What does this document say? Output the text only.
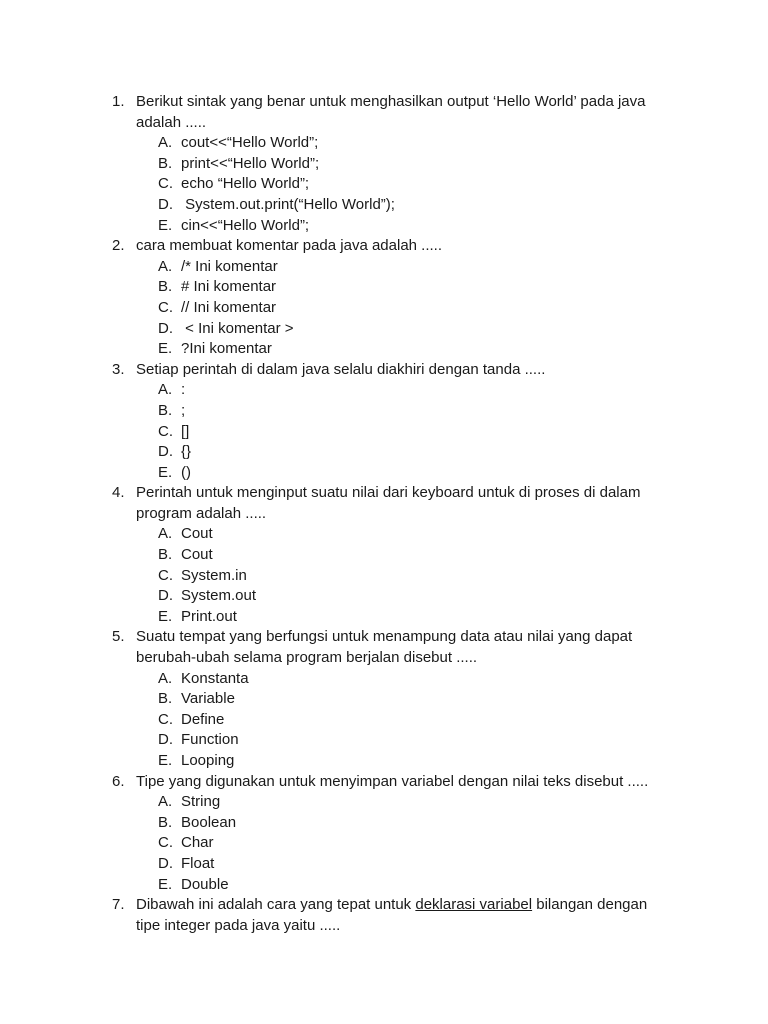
1. Berikut sintak yang benar untuk menghasilkan output ‘Hello World’ pada java adalah .....
A. cout<<“Hello World”;
B. print<<“Hello World”;
C. echo “Hello World”;
D. System.out.print(“Hello World”);
E. cin<<“Hello World”;
2. cara membuat komentar pada java adalah .....
A. /* Ini komentar
B. # Ini komentar
C. // Ini komentar
D. < Ini komentar >
E. ?Ini komentar
3. Setiap perintah di dalam java selalu diakhiri dengan tanda .....
A. :
B. ;
C. []
D. {}
E. ()
4. Perintah untuk menginput suatu nilai dari keyboard untuk di proses di dalam program adalah .....
A. Cout
B. Cout
C. System.in
D. System.out
E. Print.out
5. Suatu tempat yang berfungsi untuk menampung data atau nilai yang dapat berubah-ubah selama program berjalan disebut .....
A. Konstanta
B. Variable
C. Define
D. Function
E. Looping
6. Tipe yang digunakan untuk menyimpan variabel dengan nilai teks disebut .....
A. String
B. Boolean
C. Char
D. Float
E. Double
7. Dibawah ini adalah cara yang tepat untuk deklarasi variabel bilangan dengan tipe integer pada java yaitu .....
